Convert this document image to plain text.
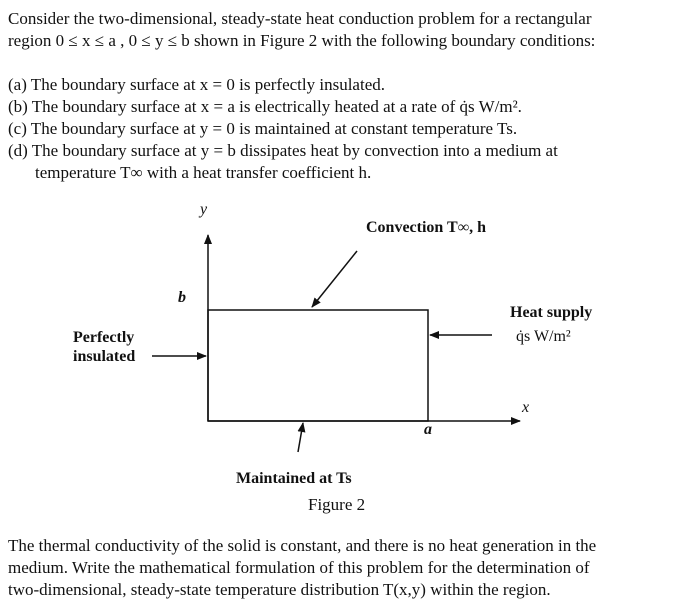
Consider the two-dimensional, steady-state heat conduction problem for a rectangular
region 0 ≤ x ≤ a , 0 ≤ y ≤ b shown in Figure 2 with the following boundary conditions:
(a) The boundary surface at x = 0 is perfectly insulated.
(b) The boundary surface at x = a is electrically heated at a rate of q̇s W/m².
(c) The boundary surface at y = 0 is maintained at constant temperature Ts.
(d) The boundary surface at y = b dissipates heat by convection into a medium at
temperature T∞ with a heat transfer coefficient h.
y
x
b
a
Convection T∞, h
Heat supply
q̇s W/m²
Perfectly
insulated
Maintained at Ts
Figure 2
The thermal conductivity of the solid is constant, and there is no heat generation in the
medium. Write the mathematical formulation of this problem for the determination of
two-dimensional, steady-state temperature distribution T(x,y) within the region.
